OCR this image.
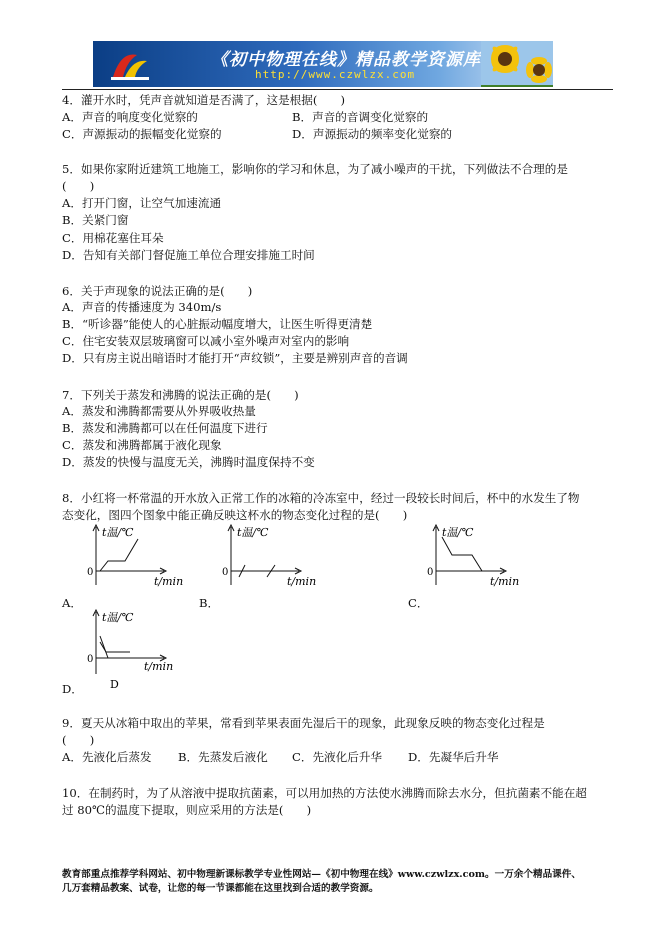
《初中物理在线》精品教学资源库
http://www.czwlzx.com
4．灌开水时，凭声音就知道是否满了，这是根据(　　)
A．声音的响度变化觉察的	B．声音的音调变化觉察的
C．声源振动的振幅变化觉察的	D．声源振动的频率变化觉察的
5．如果你家附近建筑工地施工，影响你的学习和休息，为了减小噪声的干扰，下列做法不合理的是
(　　)
A．打开门窗，让空气加速流通
B．关紧门窗
C．用棉花塞住耳朵
D．告知有关部门督促施工单位合理安排施工时间
6．关于声现象的说法正确的是(　　)
A．声音的传播速度为 340m/s
B．“听诊器”能使人的心脏振动幅度增大，让医生听得更清楚
C．住宅安装双层玻璃窗可以减小室外噪声对室内的影响
D．只有房主说出暗语时才能打开“声纹锁”，主要是辨别声音的音调
7．下列关于蒸发和沸腾的说法正确的是(　　)
A．蒸发和沸腾都需要从外界吸收热量
B．蒸发和沸腾都可以在任何温度下进行
C．蒸发和沸腾都属于液化现象
D．蒸发的快慢与温度无关，沸腾时温度保持不变
8．小红将一杯常温的开水放入正常工作的冰箱的冷冻室中，经过一段较长时间后，杯中的水发生了物
态变化，图四个图象中能正确反映这杯水的物态变化过程的是(　　)
t温/℃
0
t/min
t温/℃
0
t/min
t温/℃
0
t/min
A．	B．	C．
t温/℃
0
t/min
D
D．
9．夏天从冰箱中取出的苹果，常看到苹果表面先湿后干的现象，此现象反映的物态变化过程是
(　　)
A．先液化后蒸发 B．先蒸发后液化 C．先液化后升华 D．先凝华后升华
10．在制药时，为了从溶液中提取抗菌素，可以用加热的方法使水沸腾而除去水分，但抗菌素不能在超
过 80℃的温度下提取，则应采用的方法是(　　)
教育部重点推荐学科网站、初中物理新课标教学专业性网站—《初中物理在线》www.czwlzx.com。一万余个精品课件、
几万套精品教案、试卷，让您的每一节课都能在这里找到合适的教学资源。
